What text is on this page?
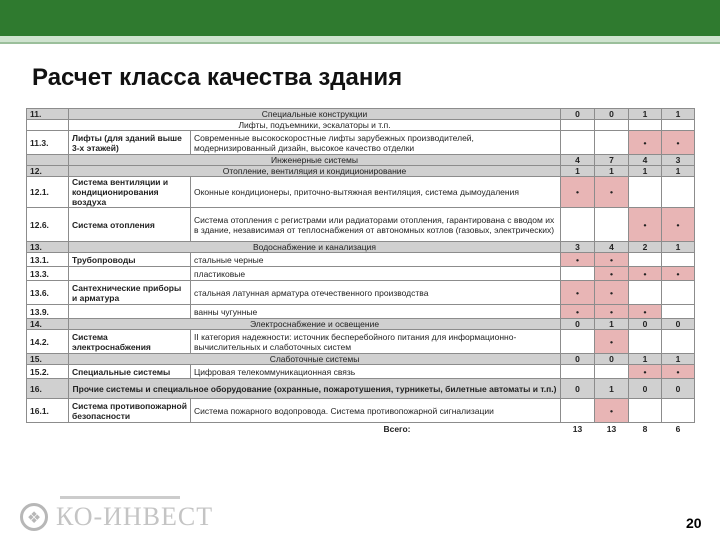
Расчет класса качества здания
11.	Специальные конструкции		0	0	1	1
	Лифты, подъемники, эскалаторы и т.п.					
11.3.	Лифты (для зданий выше 3-х этажей)	Современные высокоскоростные лифты зарубежных производителей, модернизированный дизайн, высокое качество отделки			•	•
	Инженерные системы		4	7	4	3
12.	Отопление, вентиляция и кондиционирование		1	1	1	1
12.1.	Система вентиляции и кондиционирования воздуха	Оконные кондиционеры, приточно-вытяжная вентиляция, система дымоудаления	•	•		
12.6.	Система отопления	Система отопления с регистрами или радиаторами отопления, гарантирована с вводом их в здание, независимая от теплоснабжения от автономных котлов (газовых, электрических)			•	•
13.	Водоснабжение и канализация		3	4	2	1
13.1.	Трубопроводы	стальные черные	•	•		
13.3.		пластиковые		•	•	•
13.6.	Сантехнические приборы и арматура	стальная латунная арматура отечественного производства	•	•		
13.9.		ванны чугунные	•	•	•	
14.	Электроснабжение и освещение		0	1	0	0
14.2.	Система электроснабжения	II категория надежности: источник бесперебойного питания для информационно-вычислительных и слаботочных систем		•		
15.	Слаботочные системы		0	0	1	1
15.2.	Специальные системы	Цифровая телекоммуникационная связь			•	•
16.	Прочие системы и специальное оборудование (охранные, пожаротушения, турникеты, билетные автоматы и т.п.)		0	1	0	0
16.1.	Система противопожарной безопасности	Система пожарного водопровода. Система противопожарной сигнализации		•		
Всего:			13	13	8	6
❖ КО-ИНВЕСТ	20
